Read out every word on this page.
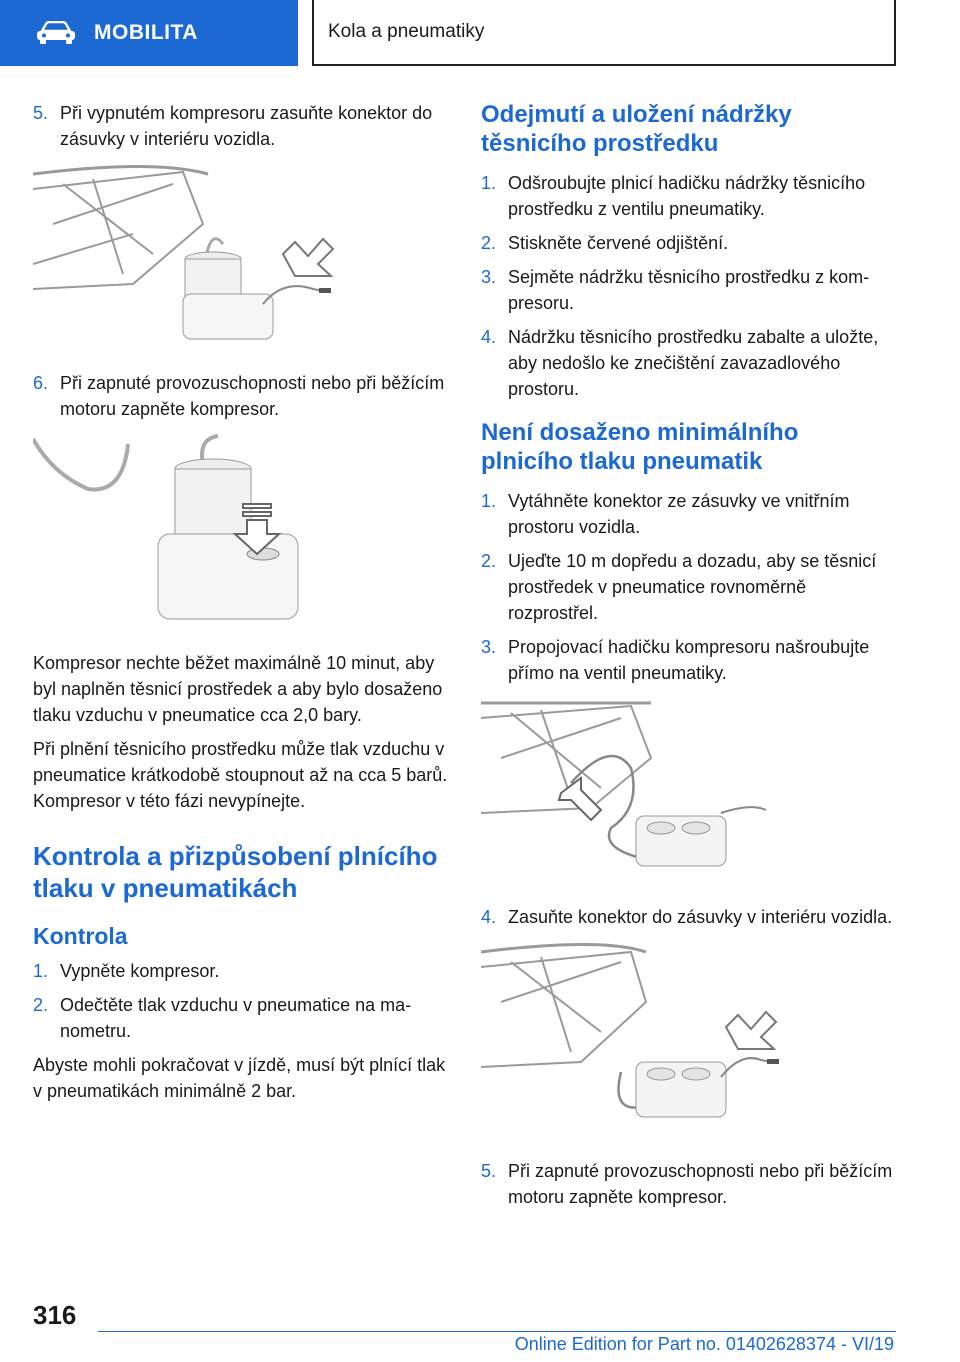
MOBILITA	Kola a pneumatiky
5. Při vypnutém kompresoru zasuňte konektor do zásuvky v interiéru vozidla.
6. Při zapnuté provozuschopnosti nebo při běžícím motoru zapněte kompresor.

Kompresor nechte běžet maximálně 10 minut, aby byl naplněn těsnicí prostředek a aby bylo dosaženo tlaku vzduchu v pneumatice cca 2,0 bary.

Při plnění těsnicího prostředku může tlak vzduchu v pneumatice krátkodobě stoupnout až na cca 5 barů. Kompresor v této fázi nevypínejte.

Kontrola a přizpůsobení plnícího tlaku v pneumatikách
Kontrola
1. Vypněte kompresor.
2. Odečtěte tlak vzduchu v pneumatice na manometru.

Abyste mohli pokračovat v jízdě, musí být plnící tlak v pneumatikách minimálně 2 bar.

Odejmutí a uložení nádržky těsnicího prostředku
1. Odšroubujte plnicí hadičku nádržky těsnicího prostředku z ventilu pneumatiky.
2. Stiskněte červené odjištění.
3. Sejměte nádržku těsnicího prostředku z kompresoru.
4. Nádržku těsnicího prostředku zabalte a uložte, aby nedošlo ke znečištění zavazadlového prostoru.
Není dosaženo minimálního plnicího tlaku pneumatik
1. Vytáhněte konektor ze zásuvky ve vnitřním prostoru vozidla.
2. Ujeďte 10 m dopředu a dozadu, aby se těsnicí prostředek v pneumatice rovnoměrně rozprostřel.
3. Propojovací hadičku kompresoru našroubujte přímo na ventil pneumatiky.
4. Zasuňte konektor do zásuvky v interiéru vozidla.
5. Při zapnuté provozuschopnosti nebo při běžícím motoru zapněte kompresor.
316
Online Edition for Part no. 01402628374 - VI/19
